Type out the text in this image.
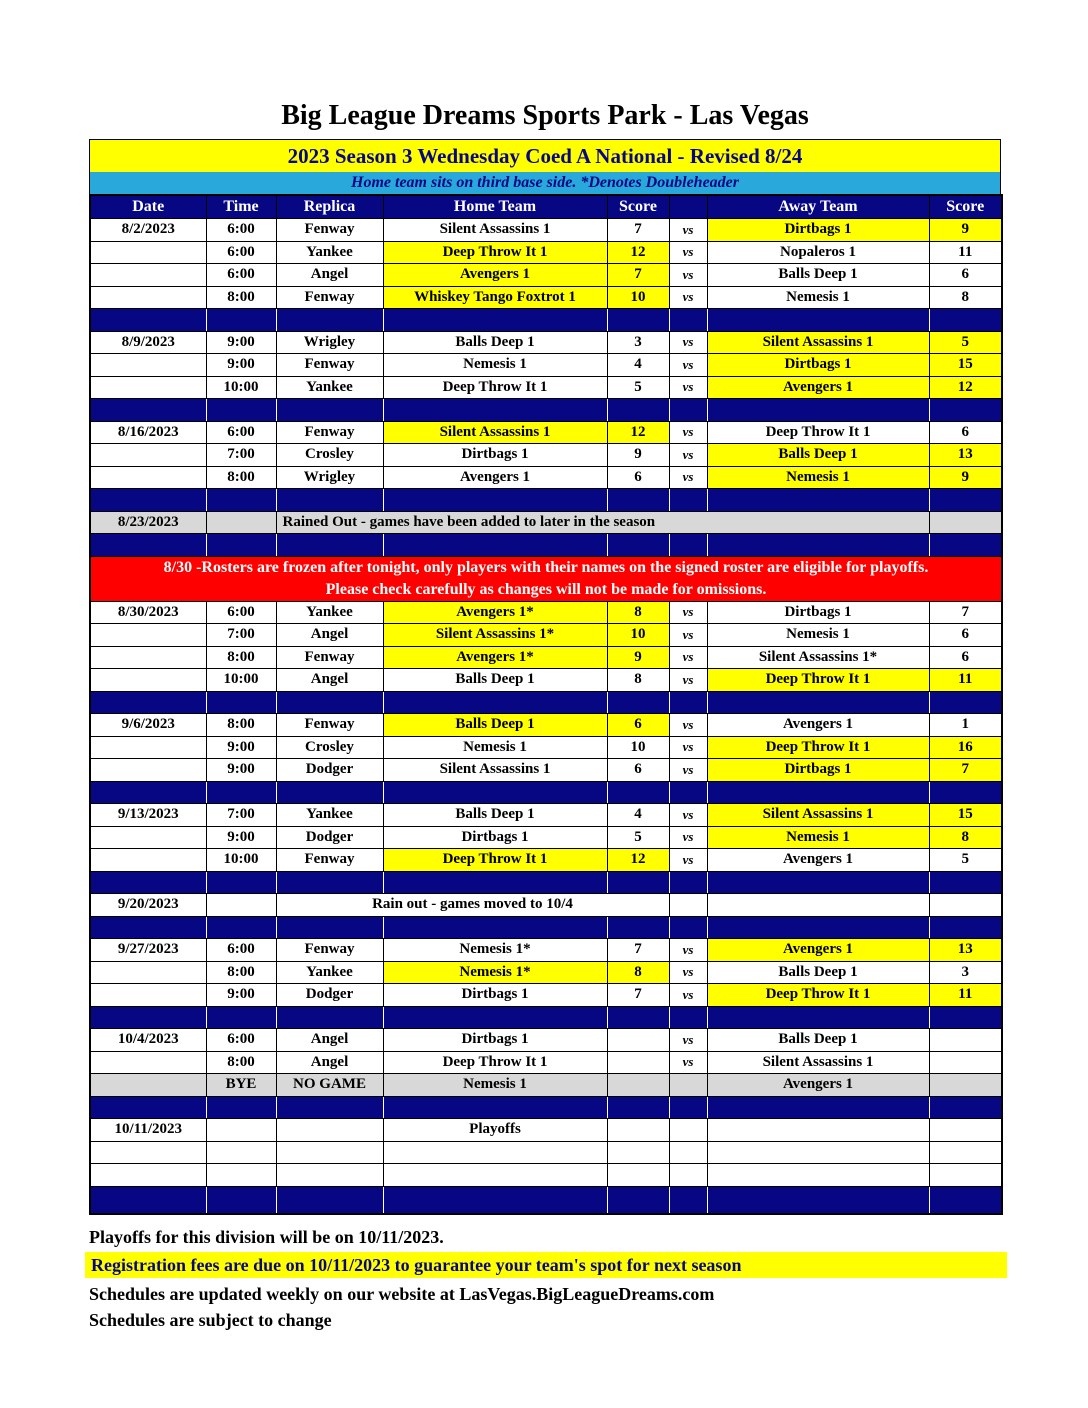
Big League Dreams Sports Park - Las Vegas
2023 Season 3 Wednesday Coed A National - Revised 8/24
Home team sits on third base side. *Denotes Doubleheader
Date	Time	Replica	Home Team	Score		Away Team	Score
8/2/2023	6:00	Fenway	Silent Assassins 1	7	vs	Dirtbags 1	9
	6:00	Yankee	Deep Throw It 1	12	vs	Nopaleros 1	11
	6:00	Angel	Avengers 1	7	vs	Balls Deep 1	6
	8:00	Fenway	Whiskey Tango Foxtrot 1	10	vs	Nemesis 1	8

8/9/2023	9:00	Wrigley	Balls Deep 1	3	vs	Silent Assassins 1	5
	9:00	Fenway	Nemesis 1	4	vs	Dirtbags 1	15
	10:00	Yankee	Deep Throw It 1	5	vs	Avengers 1	12

8/16/2023	6:00	Fenway	Silent Assassins 1	12	vs	Deep Throw It 1	6
	7:00	Crosley	Dirtbags 1	9	vs	Balls Deep 1	13
	8:00	Wrigley	Avengers 1	6	vs	Nemesis 1	9

8/23/2023		Rained Out - games have been added to later in the season					

8/30 -Rosters are frozen after tonight, only players with their names on the signed roster are eligible for playoffs.
Please check carefully as changes will not be made for omissions.							

8/30/2023	6:00	Yankee	Avengers 1*	8	vs	Dirtbags 1	7
	7:00	Angel	Silent Assassins 1*	10	vs	Nemesis 1	6
	8:00	Fenway	Avengers 1*	9	vs	Silent Assassins 1*	6
	10:00	Angel	Balls Deep 1	8	vs	Deep Throw It 1	11

9/6/2023	8:00	Fenway	Balls Deep 1	6	vs	Avengers 1	1
	9:00	Crosley	Nemesis 1	10	vs	Deep Throw It 1	16
	9:00	Dodger	Silent Assassins 1	6	vs	Dirtbags 1	7

9/13/2023	7:00	Yankee	Balls Deep 1	4	vs	Silent Assassins 1	15
	9:00	Dodger	Dirtbags 1	5	vs	Nemesis 1	8
	10:00	Fenway	Deep Throw It 1	12	vs	Avengers 1	5

9/20/2023		Rain out - games moved to 10/4					

9/27/2023	6:00	Fenway	Nemesis 1*	7	vs	Avengers 1	13
	8:00	Yankee	Nemesis 1*	8	vs	Balls Deep 1	3
	9:00	Dodger	Dirtbags 1	7	vs	Deep Throw It 1	11

10/4/2023	6:00	Angel	Dirtbags 1		vs	Balls Deep 1	
	8:00	Angel	Deep Throw It 1		vs	Silent Assassins 1	
	BYE	NO GAME	Nemesis 1			Avengers 1	

10/11/2023			Playoffs				

Playoffs for this division will be on 10/11/2023.
Registration fees are due on 10/11/2023 to guarantee your team's spot for next season
Schedules are updated weekly on our website at LasVegas.BigLeagueDreams.com
Schedules are subject to change
